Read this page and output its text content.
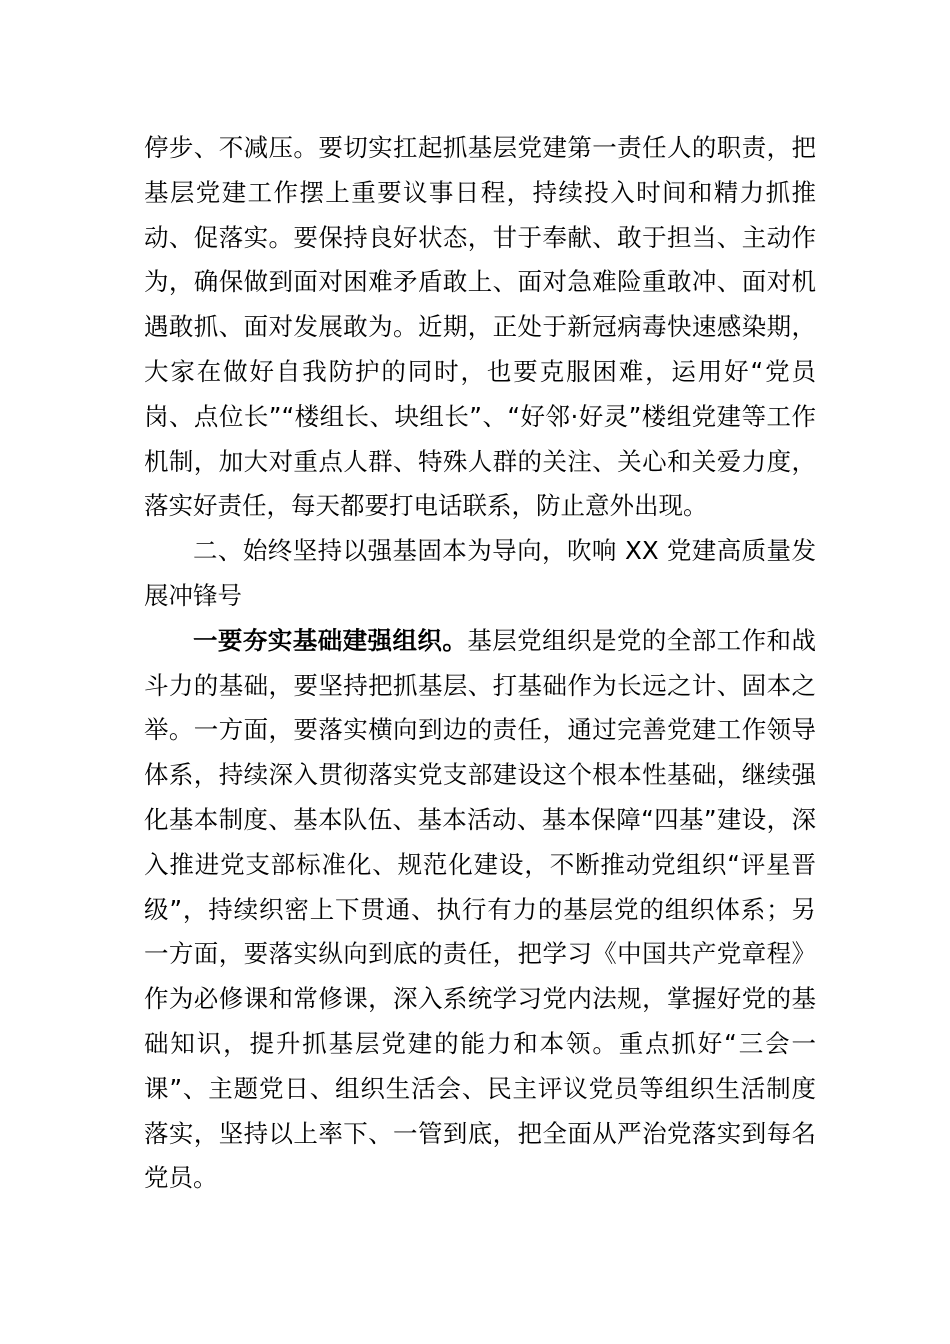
停步、不减压。要切实扛起抓基层党建第一责任人的职责，把基层党建工作摆上重要议事日程，持续投入时间和精力抓推动、促落实。要保持良好状态，甘于奉献、敢于担当、主动作为，确保做到面对困难矛盾敢上、面对急难险重敢冲、面对机遇敢抓、面对发展敢为。近期，正处于新冠病毒快速感染期，大家在做好自我防护的同时，也要克服困难，运用好“党员岗、点位长”“楼组长、块组长”、“好邻·好灵”楼组党建等工作机制，加大对重点人群、特殊人群的关注、关心和关爱力度，落实好责任，每天都要打电话联系，防止意外出现。

二、始终坚持以强基固本为导向，吹响 XX 党建高质量发展冲锋号

一要夯实基础建强组织。基层党组织是党的全部工作和战斗力的基础，要坚持把抓基层、打基础作为长远之计、固本之举。一方面，要落实横向到边的责任，通过完善党建工作领导体系，持续深入贯彻落实党支部建设这个根本性基础，继续强化基本制度、基本队伍、基本活动、基本保障“四基”建设，深入推进党支部标准化、规范化建设，不断推动党组织“评星晋级”，持续织密上下贯通、执行有力的基层党的组织体系；另一方面，要落实纵向到底的责任，把学习《中国共产党章程》作为必修课和常修课，深入系统学习党内法规，掌握好党的基础知识，提升抓基层党建的能力和本领。重点抓好“三会一课”、主题党日、组织生活会、民主评议党员等组织生活制度落实，坚持以上率下、一管到底，把全面从严治党落实到每名党员。
